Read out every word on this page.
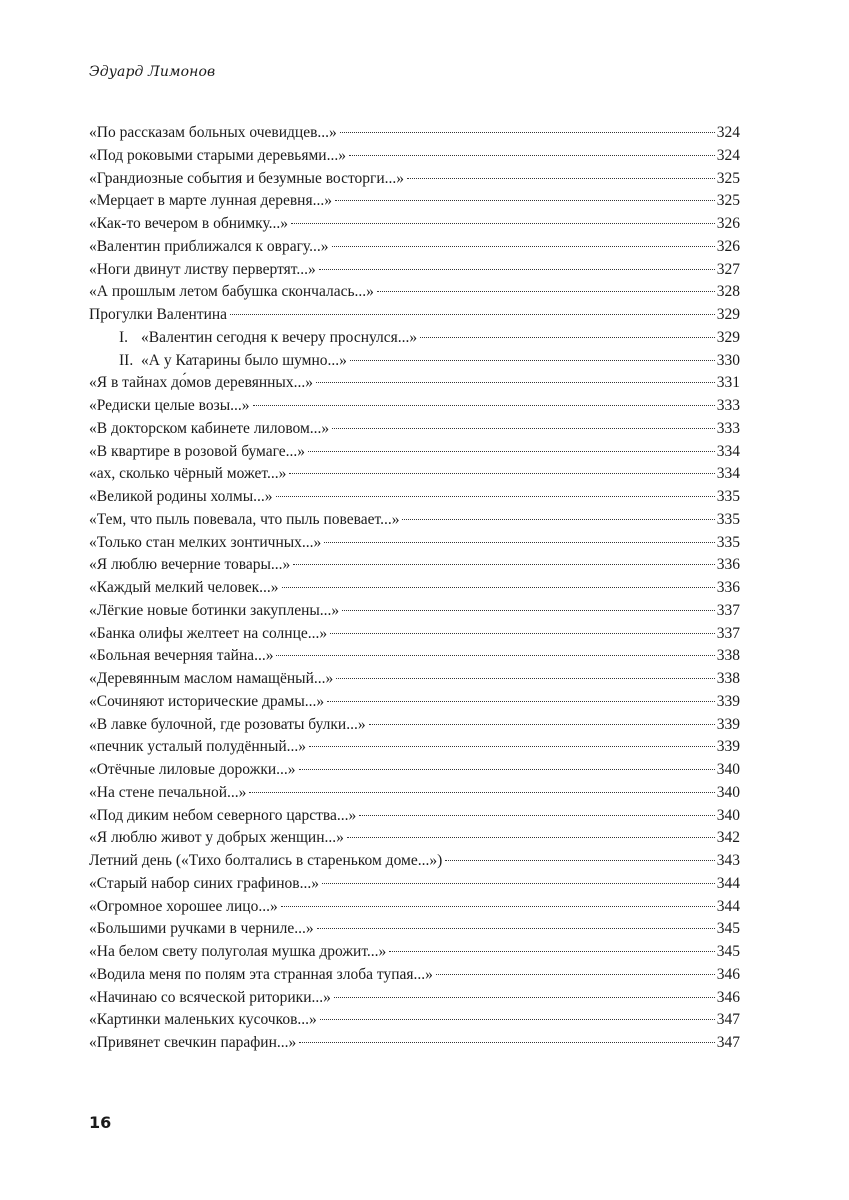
Эдуард Лимонов
«По рассказам больных очевидцев...»	324
«Под роковыми старыми деревьями...»	324
«Грандиозные события и безумные восторги...»	325
«Мерцает в марте лунная деревня...»	325
«Как-то вечером в обнимку...»	326
«Валентин приближался к оврагу...»	326
«Ноги двинут листву первертят...»	327
«А прошлым летом бабушка скончалась...»	328
Прогулки Валентина	329
I. «Валентин сегодня к вечеру проснулся...»	329
II. «А у Катарины было шумно...»	330
«Я в тайнах до́мов деревянных...»	331
«Редиски целые возы...»	333
«В докторском кабинете лиловом...»	333
«В квартире в розовой бумаге...»	334
«ах, сколько чёрный может...»	334
«Великой родины холмы...»	335
«Тем, что пыль повевала, что пыль повевает...»	335
«Только стан мелких зонтичных...»	335
«Я люблю вечерние товары...»	336
«Каждый мелкий человек...»	336
«Лёгкие новые ботинки закуплены...»	337
«Банка олифы желтеет на солнце...»	337
«Больная вечерняя тайна...»	338
«Деревянным маслом намащёный...»	338
«Сочиняют исторические драмы...»	339
«В лавке булочной, где розоваты булки...»	339
«печник усталый полудённый...»	339
«Отёчные лиловые дорожки...»	340
«На стене печальной...»	340
«Под диким небом северного царства...»	340
«Я люблю живот у добрых женщин...»	342
Летний день («Тихо болтались в стареньком доме...»)	343
«Старый набор синих графинов...»	344
«Огромное хорошее лицо...»	344
«Большими ручками в черниле...»	345
«На белом свету полуголая мушка дрожит...»	345
«Водила меня по полям эта странная злоба тупая...»	346
«Начинаю со всяческой риторики...»	346
«Картинки маленьких кусочков...»	347
«Привянет свечкин парафин...»	347
16
